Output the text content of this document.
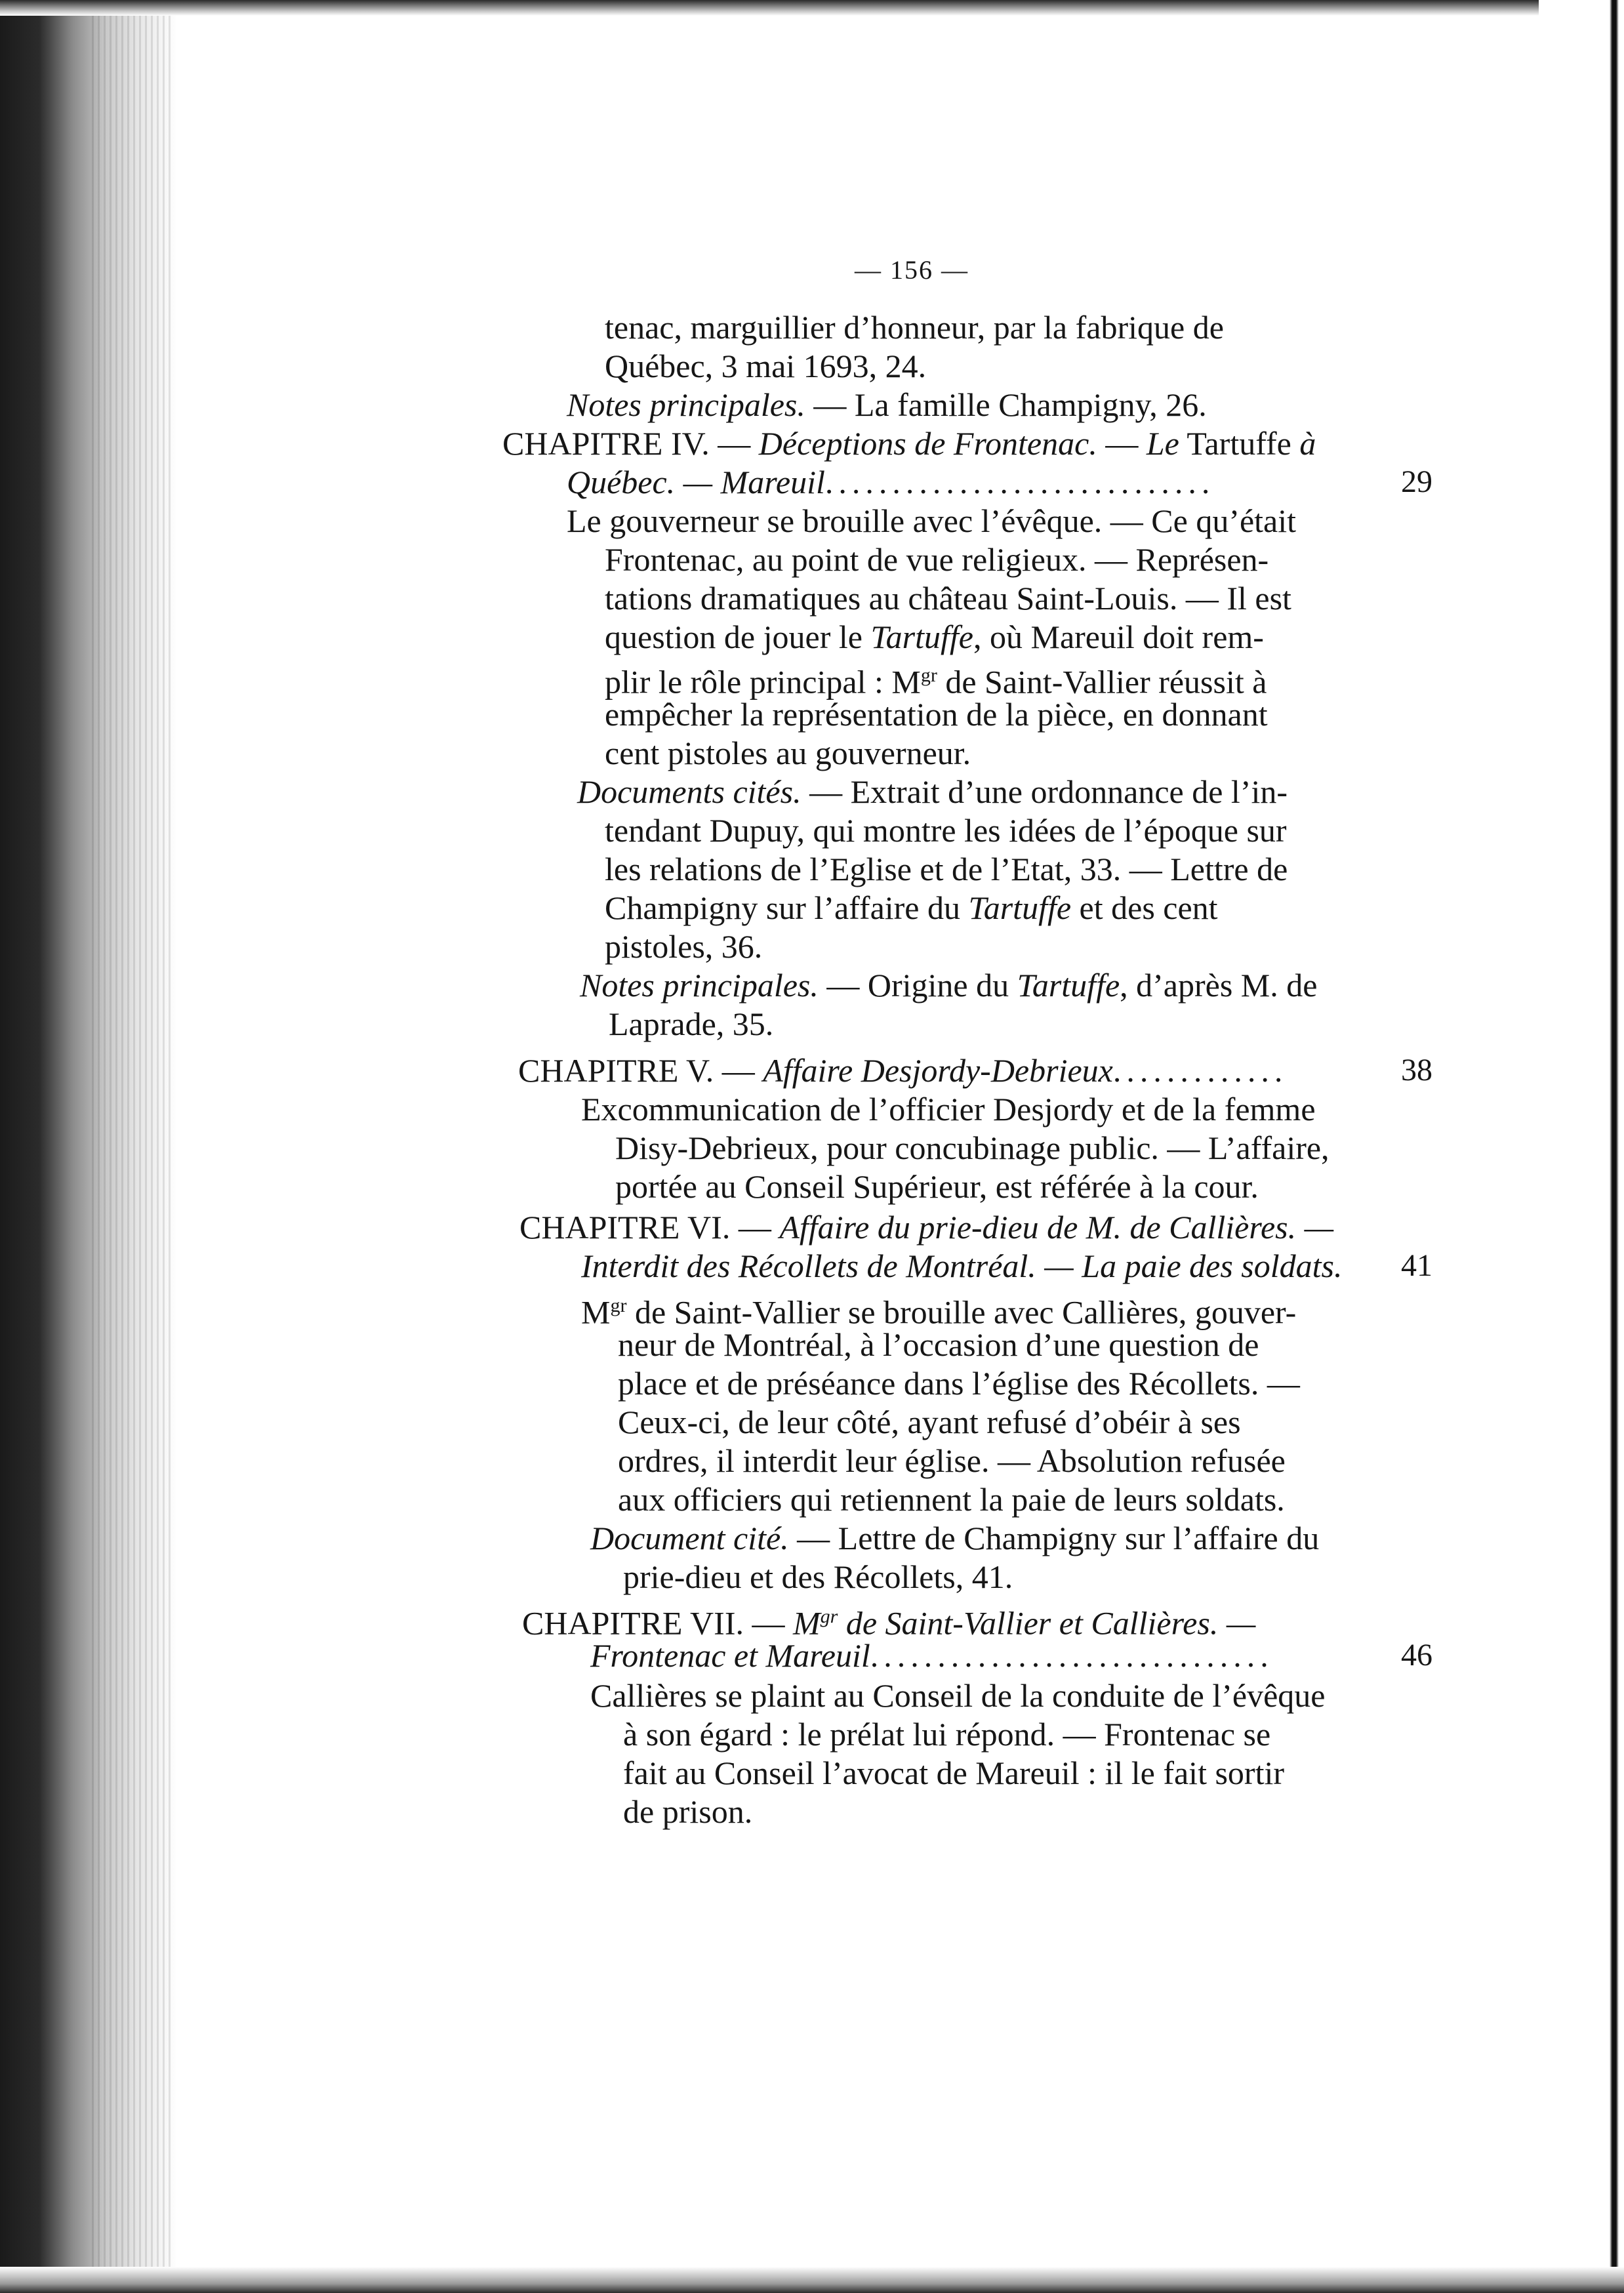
— 156 —
tenac, marguillier d’honneur, par la fabrique de
Québec, 3 mai 1693, 24.
Notes principales. — La famille Champigny, 26.
CHAPITRE IV. — Déceptions de Frontenac. — Le Tartuffe à
Québec. — Mareuil.............................	29
Le gouverneur se brouille avec l’évêque. — Ce qu’était
Frontenac, au point de vue religieux. — Représen-
tations dramatiques au château Saint-Louis. — Il est
question de jouer le Tartuffe, où Mareuil doit rem-
plir le rôle principal : $M^{gr}$ de Saint-Vallier réussit à
empêcher la représentation de la pièce, en donnant
cent pistoles au gouverneur.
Documents cités. — Extrait d’une ordonnance de l’in-
tendant Dupuy, qui montre les idées de l’époque sur
les relations de l’Eglise et de l’Etat, 33. — Lettre de
Champigny sur l’affaire du Tartuffe et des cent
pistoles, 36.
Notes principales. — Origine du Tartuffe, d’après M. de
Laprade, 35.
CHAPITRE V. — Affaire Desjordy-Debrieux.............	38
Excommunication de l’officier Desjordy et de la femme
Disy-Debrieux, pour concubinage public. — L’affaire,
portée au Conseil Supérieur, est référée à la cour.
CHAPITRE VI. — Affaire du prie-dieu de M. de Callières. —
Interdit des Récollets de Montréal. — La paie des soldats.	41
$M^{gr}$ de Saint-Vallier se brouille avec Callières, gouver-
neur de Montréal, à l’occasion d’une question de
place et de préséance dans l’église des Récollets. —
Ceux-ci, de leur côté, ayant refusé d’obéir à ses
ordres, il interdit leur église. — Absolution refusée
aux officiers qui retiennent la paie de leurs soldats.
Document cité. — Lettre de Champigny sur l’affaire du
prie-dieu et des Récollets, 41.
CHAPITRE VII. — $M^{gr}$ de Saint-Vallier et Callières. —
Frontenac et Mareuil..............................	46
Callières se plaint au Conseil de la conduite de l’évêque
à son égard : le prélat lui répond. — Frontenac se
fait au Conseil l’avocat de Mareuil : il le fait sortir
de prison.
